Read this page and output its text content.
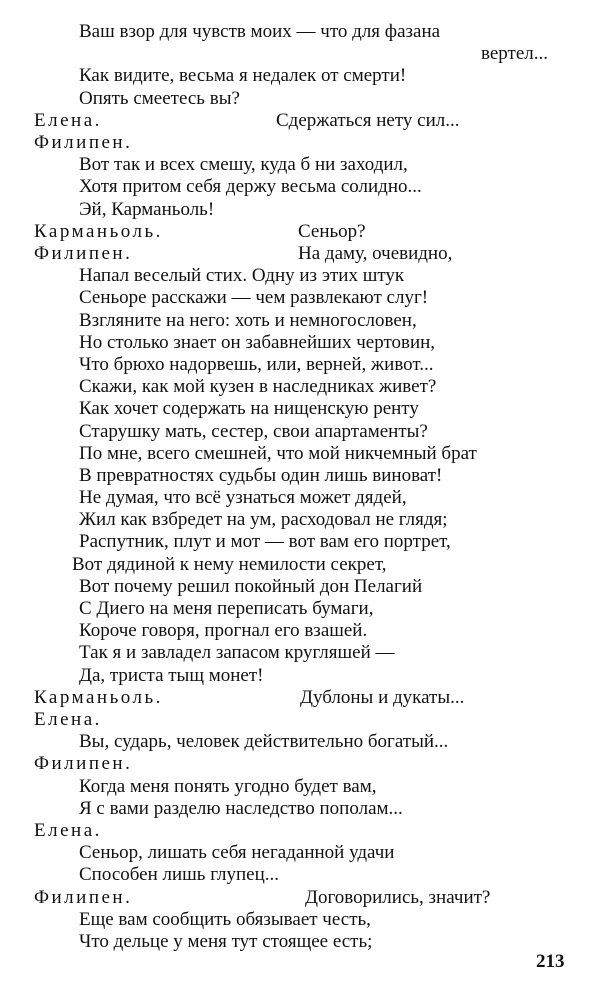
Ваш взор для чувств моих — что для фазана
вертел...
Как видите, весьма я недалек от смерти!
Опять смеетесь вы?
Елена.	Сдержаться нету сил...
Филипен.
Вот так и всех смешу, куда б ни заходил,
Хотя притом себя держу весьма солидно...
Эй, Карманьоль!
Карманьоль.	Сеньор?
Филипен.	На даму, очевидно,
Напал веселый стих. Одну из этих штук
Сеньоре расскажи — чем развлекают слуг!
Взгляните на него: хоть и немногословен,
Но столько знает он забавнейших чертовин,
Что брюхо надорвешь, или, верней, живот...
Скажи, как мой кузен в наследниках живет?
Как хочет содержать на нищенскую ренту
Старушку мать, сестер, свои апартаменты?
По мне, всего смешней, что мой никчемный брат
В превратностях судьбы один лишь виноват!
Не думая, что всё узнаться может дядей,
Жил как взбредет на ум, расходовал не глядя;
Распутник, плут и мот — вот вам его портрет,
Вот дядиной к нему немилости секрет,
Вот почему решил покойный дон Пелагий
С Диего на меня переписать бумаги,
Короче говоря, прогнал его взашей.
Так я и завладел запасом кругляшей —
Да, триста тыщ монет!
Карманьоль.	Дублоны и дукаты...
Елена.
Вы, сударь, человек действительно богатый...
Филипен.
Когда меня понять угодно будет вам,
Я с вами разделю наследство пополам...
Елена.
Сеньор, лишать себя негаданной удачи
Способен лишь глупец...
Филипен.	Договорились, значит?
Еще вам сообщить обязывает честь,
Что дельце у меня тут стоящее есть;
213
